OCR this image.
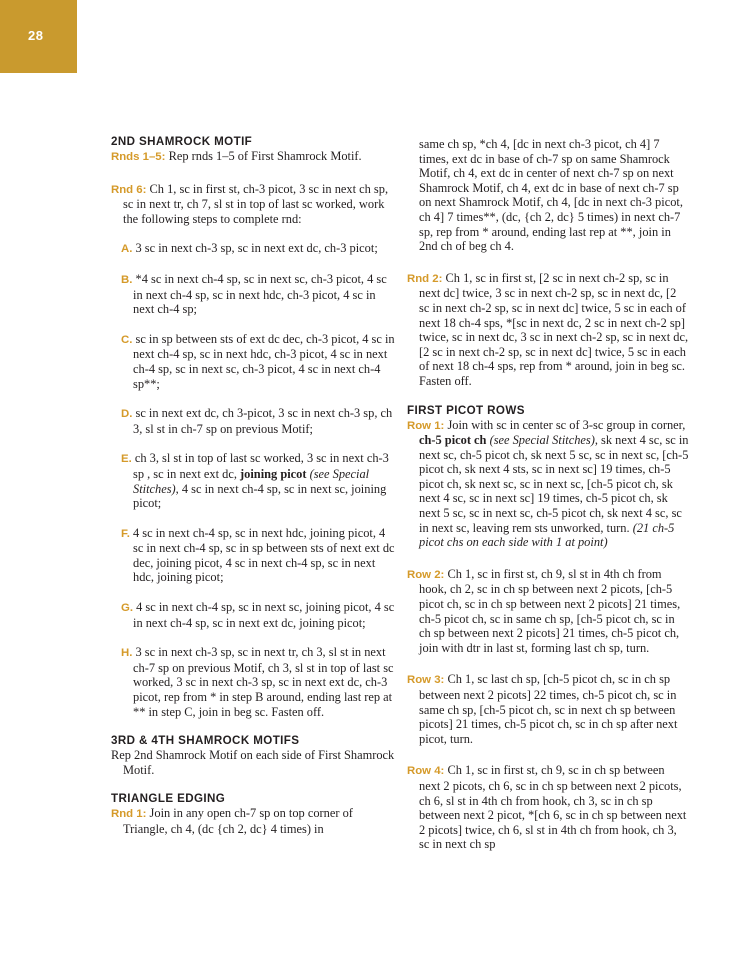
28

2ND SHAMROCK MOTIF

Rnds 1–5: Rep rnds 1–5 of First Shamrock Motif.

Rnd 6: Ch 1, sc in first st, ch-3 picot, 3 sc in next ch sp, sc in next tr, ch 7, sl st in top of last sc worked, work the following steps to complete rnd:

A. 3 sc in next ch-3 sp, sc in next ext dc, ch-3 picot;

B. *4 sc in next ch-4 sp, sc in next sc, ch-3 picot, 4 sc in next ch-4 sp, sc in next hdc, ch-3 picot, 4 sc in next ch-4 sp;

C. sc in sp between sts of ext dc dec, ch-3 picot, 4 sc in next ch-4 sp, sc in next hdc, ch-3 picot, 4 sc in next ch-4 sp, sc in next sc, ch-3 picot, 4 sc in next ch-4 sp**;

D. sc in next ext dc, ch 3-picot, 3 sc in next ch-3 sp, ch 3, sl st in ch-7 sp on previous Motif;

E. ch 3, sl st in top of last sc worked, 3 sc in next ch-3 sp , sc in next ext dc, joining picot (see Special Stitches), 4 sc in next ch-4 sp, sc in next sc, joining picot;

F. 4 sc in next ch-4 sp, sc in next hdc, joining picot, 4 sc in next ch-4 sp, sc in sp between sts of next ext dc dec, joining picot, 4 sc in next ch-4 sp, sc in next hdc, joining picot;

G. 4 sc in next ch-4 sp, sc in next sc, joining picot, 4 sc in next ch-4 sp, sc in next ext dc, joining picot;

H. 3 sc in next ch-3 sp, sc in next tr, ch 3, sl st in next ch-7 sp on previous Motif, ch 3, sl st in top of last sc worked, 3 sc in next ch-3 sp, sc in next ext dc, ch-3 picot, rep from * in step B around, ending last rep at ** in step C, join in beg sc. Fasten off.

3RD & 4TH SHAMROCK MOTIFS

Rep 2nd Shamrock Motif on each side of First Shamrock Motif.

TRIANGLE EDGING

Rnd 1: Join in any open ch-7 sp on top corner of Triangle, ch 4, (dc {ch 2, dc} 4 times) in

same ch sp, *ch 4, [dc in next ch-3 picot, ch 4] 7 times, ext dc in base of ch-7 sp on same Shamrock Motif, ch 4, ext dc in center of next ch-7 sp on next Shamrock Motif, ch 4, ext dc in base of next ch-7 sp on next Shamrock Motif, ch 4, [dc in next ch-3 picot, ch 4] 7 times**, (dc, {ch 2, dc} 5 times) in next ch-7 sp, rep from * around, ending last rep at **, join in 2nd ch of beg ch 4.

Rnd 2: Ch 1, sc in first st, [2 sc in next ch-2 sp, sc in next dc] twice, 3 sc in next ch-2 sp, sc in next dc, [2 sc in next ch-2 sp, sc in next dc] twice, 5 sc in each of next 18 ch-4 sps, *[sc in next dc, 2 sc in next ch-2 sp] twice, sc in next dc, 3 sc in next ch-2 sp, sc in next dc, [2 sc in next ch-2 sp, sc in next dc] twice, 5 sc in each of next 18 ch-4 sps, rep from * around, join in beg sc. Fasten off.

FIRST PICOT ROWS

Row 1: Join with sc in center sc of 3-sc group in corner, ch-5 picot ch (see Special Stitches), sk next 4 sc, sc in next sc, ch-5 picot ch, sk next 5 sc, sc in next sc, [ch-5 picot ch, sk next 4 sts, sc in next sc] 19 times, ch-5 picot ch, sk next sc, sc in next sc, [ch-5 picot ch, sk next 4 sc, sc in next sc] 19 times, ch-5 picot ch, sk next 5 sc, sc in next sc, ch-5 picot ch, sk next 4 sc, sc in next sc, leaving rem sts unworked, turn. (21 ch-5 picot chs on each side with 1 at point)

Row 2: Ch 1, sc in first st, ch 9, sl st in 4th ch from hook, ch 2, sc in ch sp between next 2 picots, [ch-5 picot ch, sc in ch sp between next 2 picots] 21 times, ch-5 picot ch, sc in same ch sp, [ch-5 picot ch, sc in ch sp between next 2 picots] 21 times, ch-5 picot ch, join with dtr in last st, forming last ch sp, turn.

Row 3: Ch 1, sc last ch sp, [ch-5 picot ch, sc in ch sp between next 2 picots] 22 times, ch-5 picot ch, sc in same ch sp, [ch-5 picot ch, sc in next ch sp between picots] 21 times, ch-5 picot ch, sc in ch sp after next picot, turn.

Row 4: Ch 1, sc in first st, ch 9, sc in ch sp between next 2 picots, ch 6, sc in ch sp between next 2 picots, ch 6, sl st in 4th ch from hook, ch 3, sc in ch sp between next 2 picot, *[ch 6, sc in ch sp between next 2 picots] twice, ch 6, sl st in 4th ch from hook, ch 3, sc in next ch sp
